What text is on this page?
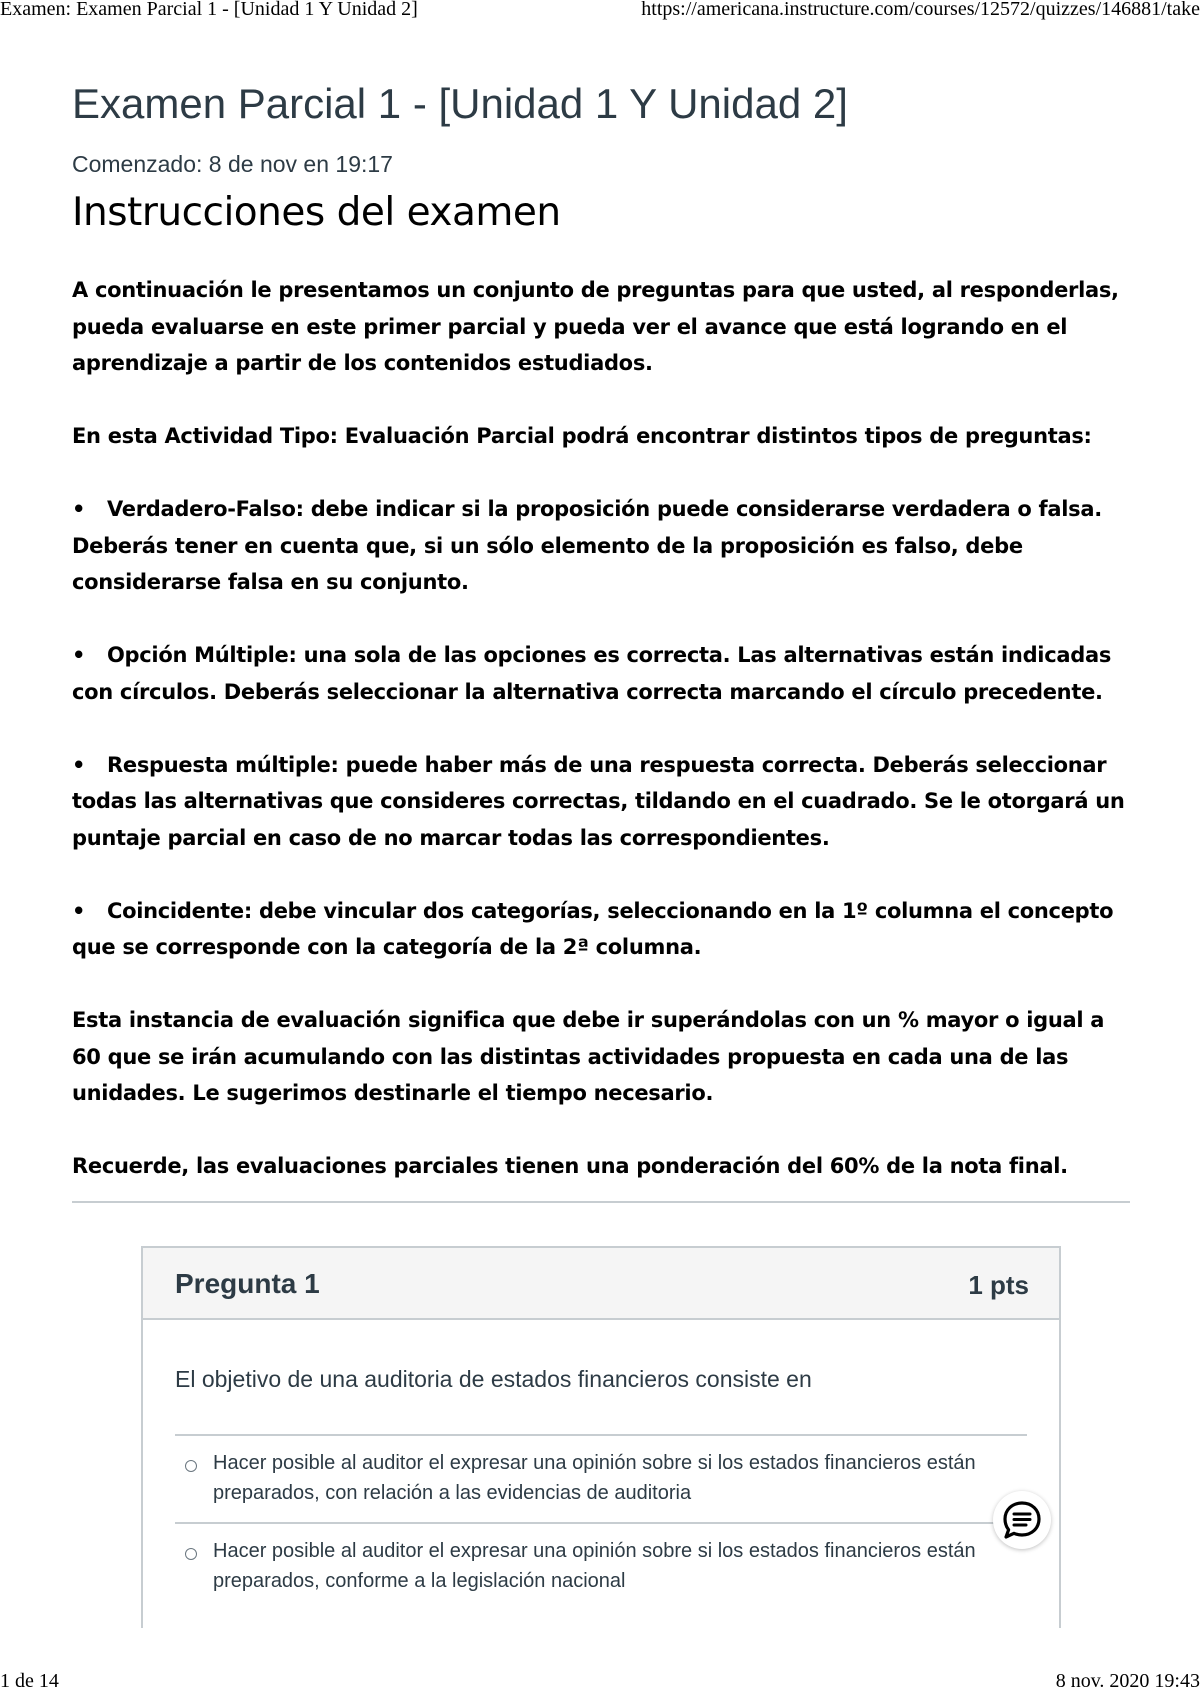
Examen: Examen Parcial 1 - [Unidad 1 Y Unidad 2]	https://americana.instructure.com/courses/12572/quizzes/146881/take
Examen Parcial 1 - [Unidad 1 Y Unidad 2]
Comenzado: 8 de nov en 19:17
Instrucciones del examen

A continuación le presentamos un conjunto de preguntas para que usted, al responderlas, pueda evaluarse en este primer parcial y pueda ver el avance que está logrando en el aprendizaje a partir de los contenidos estudiados.

En esta Actividad Tipo: Evaluación Parcial podrá encontrar distintos tipos de preguntas:

• Verdadero-Falso: debe indicar si la proposición puede considerarse verdadera o falsa. Deberás tener en cuenta que, si un sólo elemento de la proposición es falso, debe considerarse falsa en su conjunto.

• Opción Múltiple: una sola de las opciones es correcta. Las alternativas están indicadas con círculos. Deberás seleccionar la alternativa correcta marcando el círculo precedente.

• Respuesta múltiple: puede haber más de una respuesta correcta. Deberás seleccionar todas las alternativas que consideres correctas, tildando en el cuadrado. Se le otorgará un puntaje parcial en caso de no marcar todas las correspondientes.

• Coincidente: debe vincular dos categorías, seleccionando en la 1º columna el concepto que se corresponde con la categoría de la 2ª columna.

Esta instancia de evaluación significa que debe ir superándolas con un % mayor o igual a 60 que se irán acumulando con las distintas actividades propuesta en cada una de las unidades. Le sugerimos destinarle el tiempo necesario.

Recuerde, las evaluaciones parciales tienen una ponderación del 60% de la nota final.

Pregunta 1	1 pts
El objetivo de una auditoria de estados financieros consiste en
Hacer posible al auditor el expresar una opinión sobre si los estados financieros están preparados, con relación a las evidencias de auditoria
Hacer posible al auditor el expresar una opinión sobre si los estados financieros están preparados, conforme a la legislación nacional
1 de 14	8 nov. 2020 19:43
